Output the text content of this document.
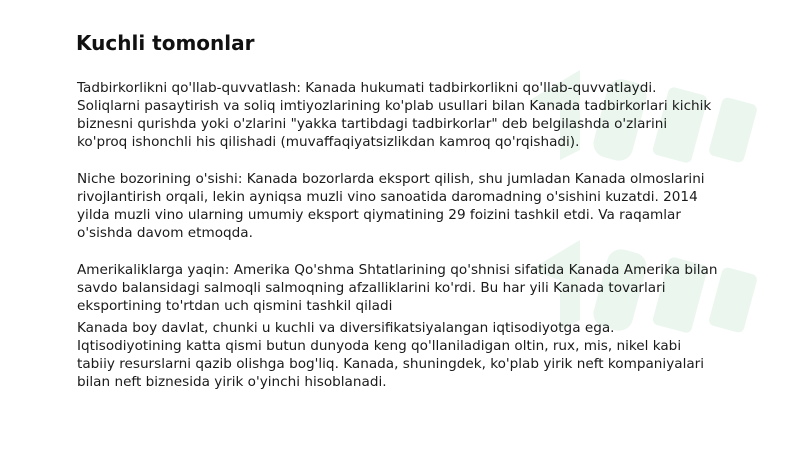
Kuchli tomonlar

Tadbirkorlikni qo'llab-quvvatlash: Kanada hukumati tadbirkorlikni qo'llab-quvvatlaydi.
Soliqlarni pasaytirish va soliq imtiyozlarining ko'plab usullari bilan Kanada tadbirkorlari kichik
biznesni qurishda yoki o'zlarini "yakka tartibdagi tadbirkorlar" deb belgilashda o'zlarini
ko'proq ishonchli his qilishadi (muvaffaqiyatsizlikdan kamroq qo'rqishadi).

Niche bozorining o'sishi: Kanada bozorlarda eksport qilish, shu jumladan Kanada olmoslarini
rivojlantirish orqali, lekin ayniqsa muzli vino sanoatida daromadning o'sishini kuzatdi. 2014
yilda muzli vino ularning umumiy eksport qiymatining 29 foizini tashkil etdi. Va raqamlar
o'sishda davom etmoqda.

Amerikaliklarga yaqin: Amerika Qo'shma Shtatlarining qo'shnisi sifatida Kanada Amerika bilan
savdo balansidagi salmoqli salmoqning afzalliklarini ko'rdi. Bu har yili Kanada tovarlari
eksportining to'rtdan uch qismini tashkil qiladi

Kanada boy davlat, chunki u kuchli va diversifikatsiyalangan iqtisodiyotga ega.
Iqtisodiyotining katta qismi butun dunyoda keng qo'llaniladigan oltin, rux, mis, nikel kabi
tabiiy resurslarni qazib olishga bog'liq. Kanada, shuningdek, ko'plab yirik neft kompaniyalari
bilan neft biznesida yirik o'yinchi hisoblanadi.
